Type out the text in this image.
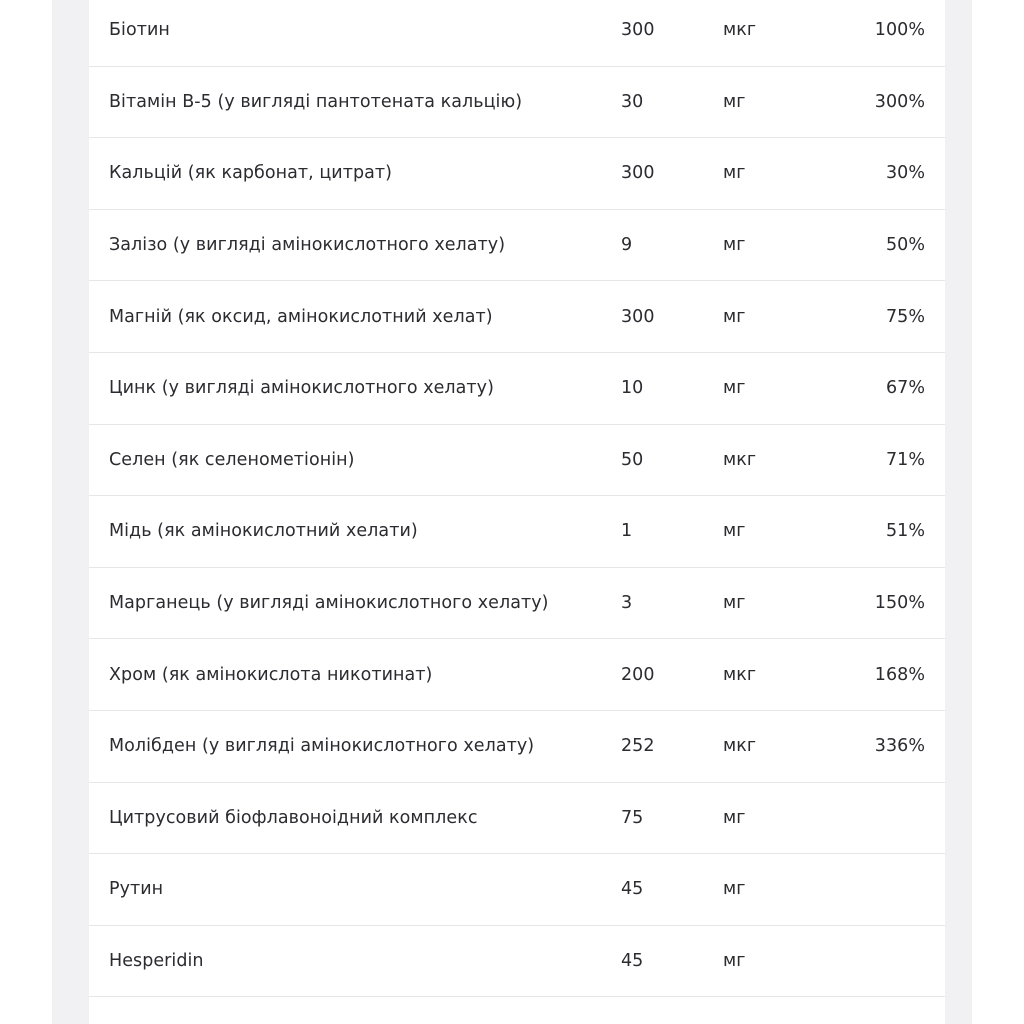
Біотин	300	мкг	100%
Вітамін B-5 (у вигляді пантотената кальцію)	30	мг	300%
Кальцій (як карбонат, цитрат)	300	мг	30%
Залізо (у вигляді амінокислотного хелату)	9	мг	50%
Магній (як оксид, амінокислотний хелат)	300	мг	75%
Цинк (у вигляді амінокислотного хелату)	10	мг	67%
Селен (як селенометіонін)	50	мкг	71%
Мідь (як амінокислотний хелати)	1	мг	51%
Марганець (у вигляді амінокислотного хелату)	3	мг	150%
Хром (як амінокислота никотинат)	200	мкг	168%
Молібден (у вигляді амінокислотного хелату)	252	мкг	336%
Цитрусовий біофлавоноідний комплекс	75	мг
Рутин	45	мг
Hesperidin	45	мг
